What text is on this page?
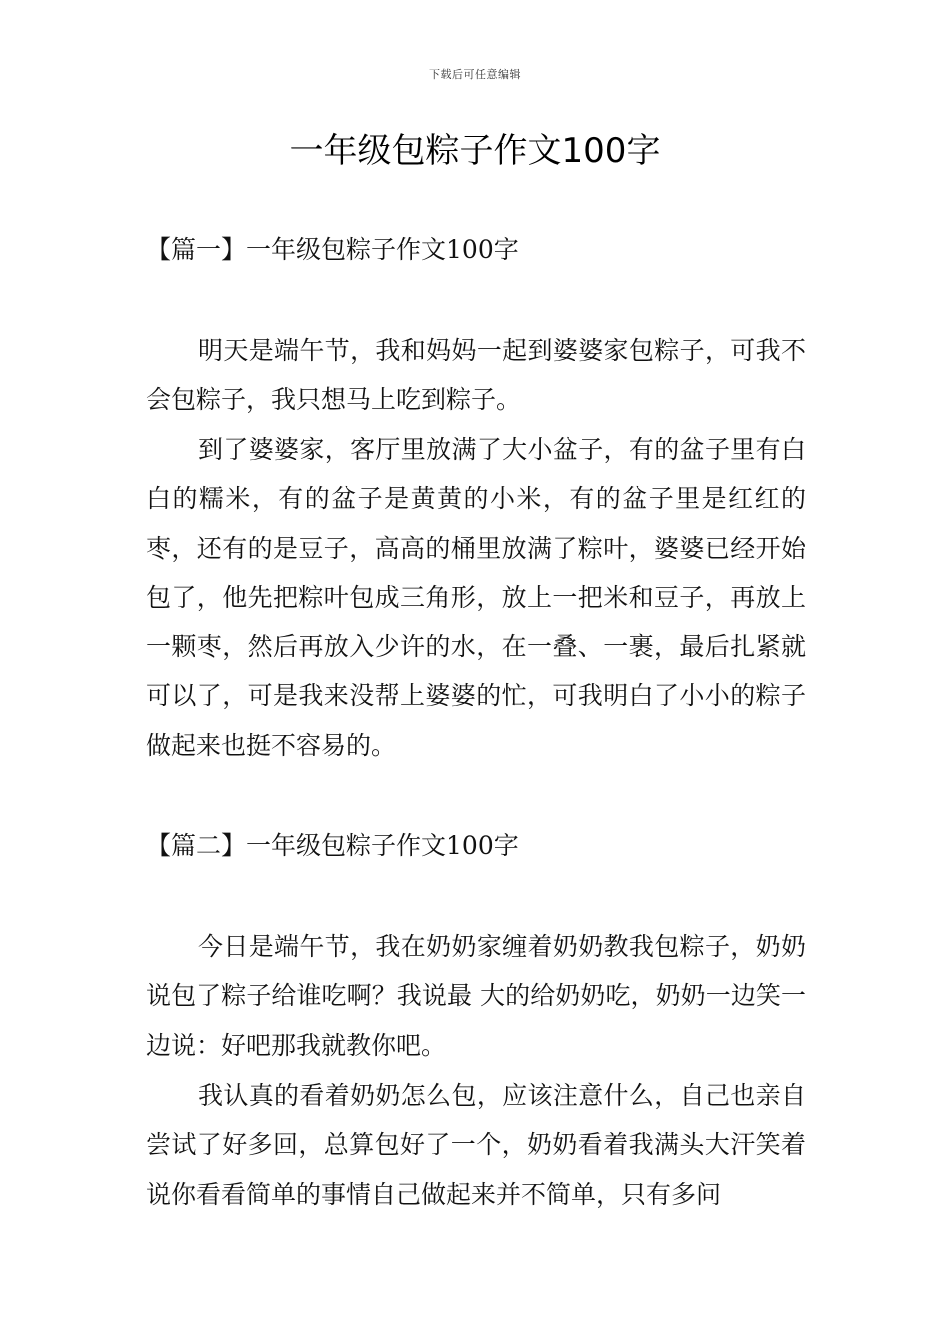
下载后可任意编辑
一年级包粽子作文100字
【篇一】一年级包粽子作文100字

明天是端午节，我和妈妈一起到婆婆家包粽子，可我不会包粽子，我只想马上吃到粽子。

到了婆婆家，客厅里放满了大小盆子，有的盆子里有白白的糯米，有的盆子是黄黄的小米，有的盆子里是红红的枣，还有的是豆子，高高的桶里放满了粽叶，婆婆已经开始包了，他先把粽叶包成三角形，放上一把米和豆子，再放上一颗枣，然后再放入少许的水，在一叠、一裹，最后扎紧就可以了，可是我来没帮上婆婆的忙，可我明白了小小的粽子做起来也挺不容易的。

【篇二】一年级包粽子作文100字

今日是端午节，我在奶奶家缠着奶奶教我包粽子，奶奶说包了粽子给谁吃啊？我说最 大的给奶奶吃，奶奶一边笑一边说：好吧那我就教你吧。

我认真的看着奶奶怎么包，应该注意什么，自己也亲自尝试了好多回，总算包好了一个，奶奶看着我满头大汗笑着说你看看简单的事情自己做起来并不简单，只有多问
